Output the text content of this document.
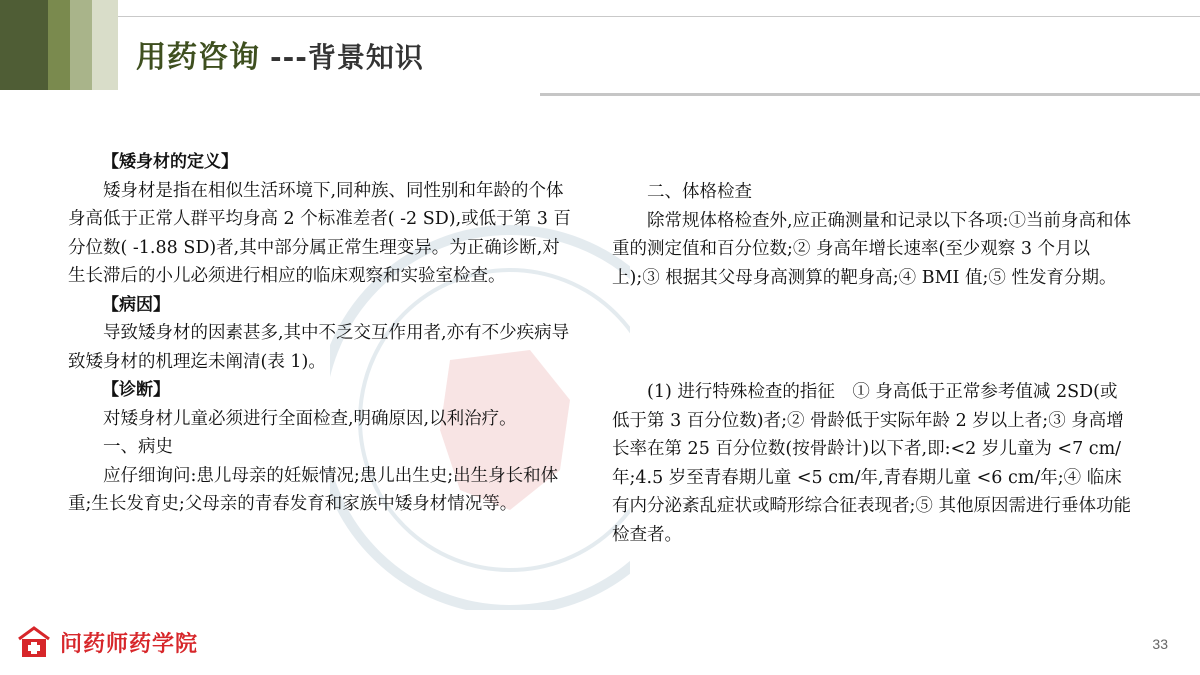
用药咨询 ---背景知识

【矮身材的定义】

矮身材是指在相似生活环境下,同种族、同性别和年龄的个体身高低于正常人群平均身高 2 个标准差者( -2 SD),或低于第 3 百分位数( -1.88 SD)者,其中部分属正常生理变异。为正确诊断,对生长滞后的小儿必须进行相应的临床观察和实验室检查。

【病因】

导致矮身材的因素甚多,其中不乏交互作用者,亦有不少疾病导致矮身材的机理迄未阐清(表 1)。

【诊断】

对矮身材儿童必须进行全面检查,明确原因,以利治疗。

一、病史

应仔细询问:患儿母亲的妊娠情况;患儿出生史;出生身长和体重;生长发育史;父母亲的青春发育和家族中矮身材情况等。

二、体格检查

除常规体格检查外,应正确测量和记录以下各项:①当前身高和体重的测定值和百分位数;② 身高年增长速率(至少观察 3 个月以上);③ 根据其父母身高测算的靶身高;④ BMI 值;⑤ 性发育分期。

(1) 进行特殊检查的指征　① 身高低于正常参考值减 2SD(或低于第 3 百分位数)者;② 骨龄低于实际年龄 2 岁以上者;③ 身高增长率在第 25 百分位数(按骨龄计)以下者,即:<2 岁儿童为 <7 cm/年;4.5 岁至青春期儿童 <5 cm/年,青春期儿童 <6 cm/年;④ 临床有内分泌紊乱症状或畸形综合征表现者;⑤ 其他原因需进行垂体功能检查者。

问药师药学院	33
